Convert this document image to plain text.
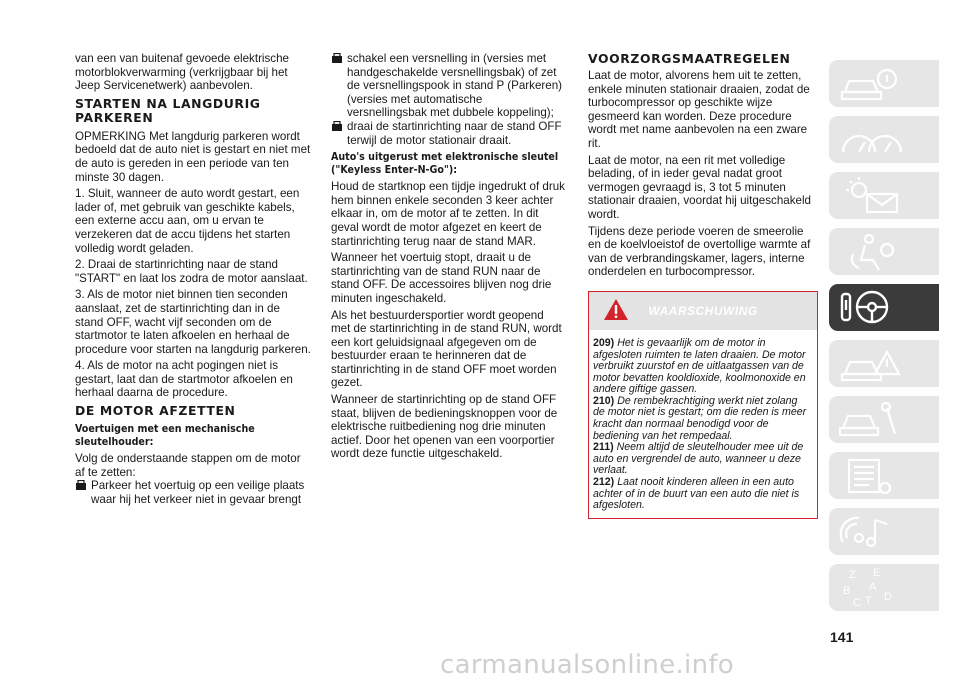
van een van buitenaf gevoede elektrische motorblokverwarming (verkrijgbaar bij het Jeep Servicenetwerk) aanbevolen.

STARTEN NA LANGDURIG PARKEREN

OPMERKING Met langdurig parkeren wordt bedoeld dat de auto niet is gestart en niet met de auto is gereden in een periode van ten minste 30 dagen.

1. Sluit, wanneer de auto wordt gestart, een lader of, met gebruik van geschikte kabels, een externe accu aan, om u ervan te verzekeren dat de accu tijdens het starten volledig wordt geladen.

2. Draai de startinrichting naar de stand "START" en laat los zodra de motor aanslaat.

3. Als de motor niet binnen tien seconden aanslaat, zet de startinrichting dan in de stand OFF, wacht vijf seconden om de startmotor te laten afkoelen en herhaal de procedure voor starten na langdurig parkeren.

4. Als de motor na acht pogingen niet is gestart, laat dan de startmotor afkoelen en herhaal daarna de procedure.

DE MOTOR AFZETTEN
Voertuigen met een mechanische sleutelhouder:

Volg de onderstaande stappen om de motor af te zetten:

Parkeer het voertuig op een veilige plaats waar hij het verkeer niet in gevaar brengt
schakel een versnelling in (versies met handgeschakelde versnellingsbak) of zet de versnellingspook in stand P (Parkeren) (versies met automatische versnellingsbak met dubbele koppeling);
draai de startinrichting naar de stand OFF terwijl de motor stationair draait.
Auto's uitgerust met elektronische sleutel ("Keyless Enter-N-Go"):

Houd de startknop een tijdje ingedrukt of druk hem binnen enkele seconden 3 keer achter elkaar in, om de motor af te zetten. In dit geval wordt de motor afgezet en keert de startinrichting terug naar de stand MAR.

Wanneer het voertuig stopt, draait u de startinrichting van de stand RUN naar de stand OFF. De accessoires blijven nog drie minuten ingeschakeld.

Als het bestuurdersportier wordt geopend met de startinrichting in de stand RUN, wordt een kort geluidsignaal afgegeven om de bestuurder eraan te herinneren dat de startinrichting in de stand OFF moet worden gezet.

Wanneer de startinrichting op de stand OFF staat, blijven de bedieningsknoppen voor de elektrische ruitbediening nog drie minuten actief. Door het openen van een voorportier wordt deze functie uitgeschakeld.

VOORZORGSMAATREGELEN

Laat de motor, alvorens hem uit te zetten, enkele minuten stationair draaien, zodat de turbocompressor op geschikte wijze gesmeerd kan worden. Deze procedure wordt met name aanbevolen na een zware rit.

Laat de motor, na een rit met volledige belading, of in ieder geval nadat groot vermogen gevraagd is, 3 tot 5 minuten stationair draaien, voordat hij uitgeschakeld wordt.

Tijdens deze periode voeren de smeerolie en de koelvloeistof de overtollige warmte af van de verbrandingskamer, lagers, interne onderdelen en turbocompressor.

WAARSCHUWING

209) Het is gevaarlijk om de motor in afgesloten ruimten te laten draaien. De motor verbruikt zuurstof en de uitlaatgassen van de motor bevatten kooldioxide, koolmonoxide en andere giftige gassen.

210) De rembekrachtiging werkt niet zolang de motor niet is gestart; om die reden is meer kracht dan normaal benodigd voor de bediening van het rempedaal.

211) Neem altijd de sleutelhouder mee uit de auto en vergrendel de auto, wanneer u deze verlaat.

212) Laat nooit kinderen alleen in een auto achter of in de buurt van een auto die niet is afgesloten.

Z E
A
B
C T D
141
carmanualsonline.info
